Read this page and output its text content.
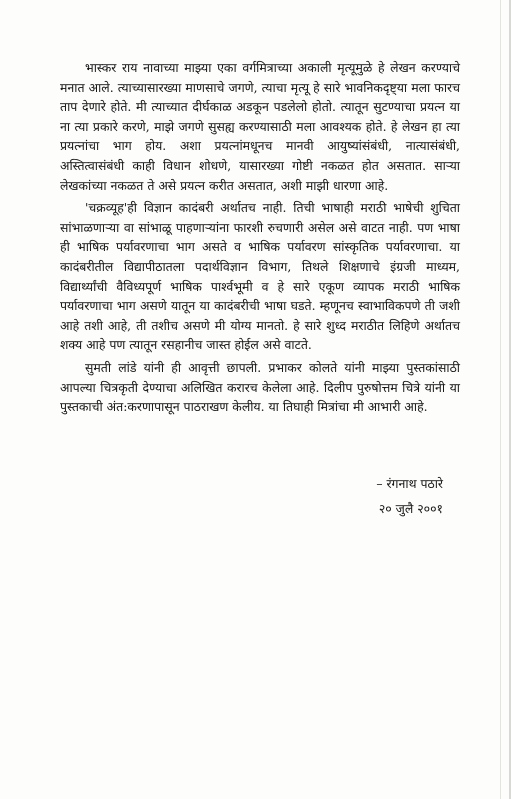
भास्कर राय नावाच्या माझ्या एका वर्गमित्राच्या अकाली मृत्यूमुळे हे लेखन करण्याचे मनात आले. त्याच्यासारख्या माणसाचे जगणे, त्याचा मृत्यू हे सारे भावनिकदृष्ट्या मला फारच ताप देणारे होते. मी त्याच्यात दीर्घकाळ अडकून पडलेलो होतो. त्यातून सुटण्याचा प्रयत्न या ना त्या प्रकारे करणे, माझे जगणे सुसह्य करण्यासाठी मला आवश्यक होते. हे लेखन हा त्या प्रयत्नांचा भाग होय. अशा प्रयत्नांमधूनच मानवी आयुष्यांसंबंधी, नात्यासंबंधी, अस्तित्वासंबंधी काही विधान शोधणे, यासारख्या गोष्टी नकळत होत असतात. साऱ्या लेखकांच्या नकळत ते असे प्रयत्न करीत असतात, अशी माझी धारणा आहे.

'चक्रव्यूह'ही विज्ञान कादंबरी अर्थातच नाही. तिची भाषाही मराठी भाषेची शुचिता सांभाळणाऱ्या वा सांभाळू पाहणाऱ्यांना फारशी रुचणारी असेल असे वाटत नाही. पण भाषा ही भाषिक पर्यावरणाचा भाग असते व भाषिक पर्यावरण सांस्कृतिक पर्यावरणाचा. या कादंबरीतील विद्यापीठातला पदार्थविज्ञान विभाग, तिथले शिक्षणाचे इंग्रजी माध्यम, विद्यार्थ्यांची वैविध्यपूर्ण भाषिक पार्श्वभूमी व हे सारे एकूण व्यापक मराठी भाषिक पर्यावरणाचा भाग असणे यातून या कादंबरीची भाषा घडते. म्हणूनच स्वाभाविकपणे ती जशी आहे तशी आहे, ती तशीच असणे मी योग्य मानतो. हे सारे शुध्द मराठीत लिहिणे अर्थातच शक्य आहे पण त्यातून रसहानीच जास्त होईल असे वाटते.

सुमती लांडे यांनी ही आवृत्ती छापली. प्रभाकर कोलते यांनी माझ्या पुस्तकांसाठी आपल्या चित्रकृती देण्याचा अलिखित करारच केलेला आहे. दिलीप पुरुषोत्तम चित्रे यांनी या पुस्तकाची अंत:करणापासून पाठराखण केलीय. या तिघाही मित्रांचा मी आभारी आहे.

– रंगनाथ पठारे
२० जुलै २००१
